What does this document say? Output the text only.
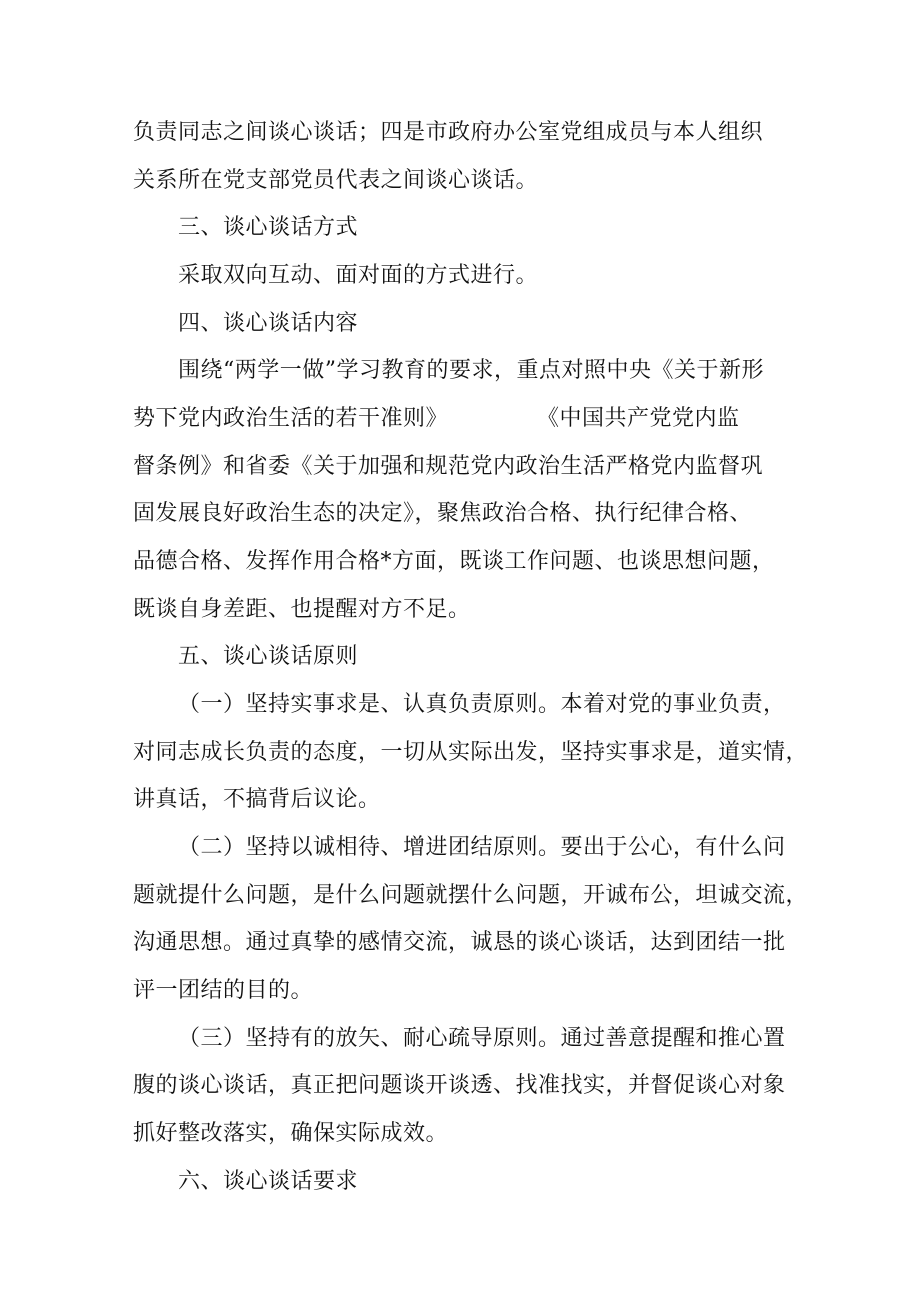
负责同志之间谈心谈话；四是市政府办公室党组成员与本人组织
关系所在党支部党员代表之间谈心谈话。
三、谈心谈话方式
采取双向互动、面对面的方式进行。
四、谈心谈话内容
围绕“两学一做”学习教育的要求，重点对照中央《关于新形
势下党内政治生活的若干准则》	《中国共产党党内监
督条例》和省委《关于加强和规范党内政治生活严格党内监督巩
固发展良好政治生态的决定》，聚焦政治合格、执行纪律合格、
品德合格、发挥作用合格*方面，既谈工作问题、也谈思想问题，
既谈自身差距、也提醒对方不足。
五、谈心谈话原则
（一）坚持实事求是、认真负责原则。本着对党的事业负责，
对同志成长负责的态度，一切从实际出发，坚持实事求是，道实情，
讲真话，不搞背后议论。
（二）坚持以诚相待、增进团结原则。要出于公心，有什么问
题就提什么问题，是什么问题就摆什么问题，开诚布公，坦诚交流，
沟通思想。通过真挚的感情交流，诚恳的谈心谈话，达到团结一批
评一团结的目的。
（三）坚持有的放矢、耐心疏导原则。通过善意提醒和推心置
腹的谈心谈话，真正把问题谈开谈透、找准找实，并督促谈心对象
抓好整改落实，确保实际成效。
六、谈心谈话要求
